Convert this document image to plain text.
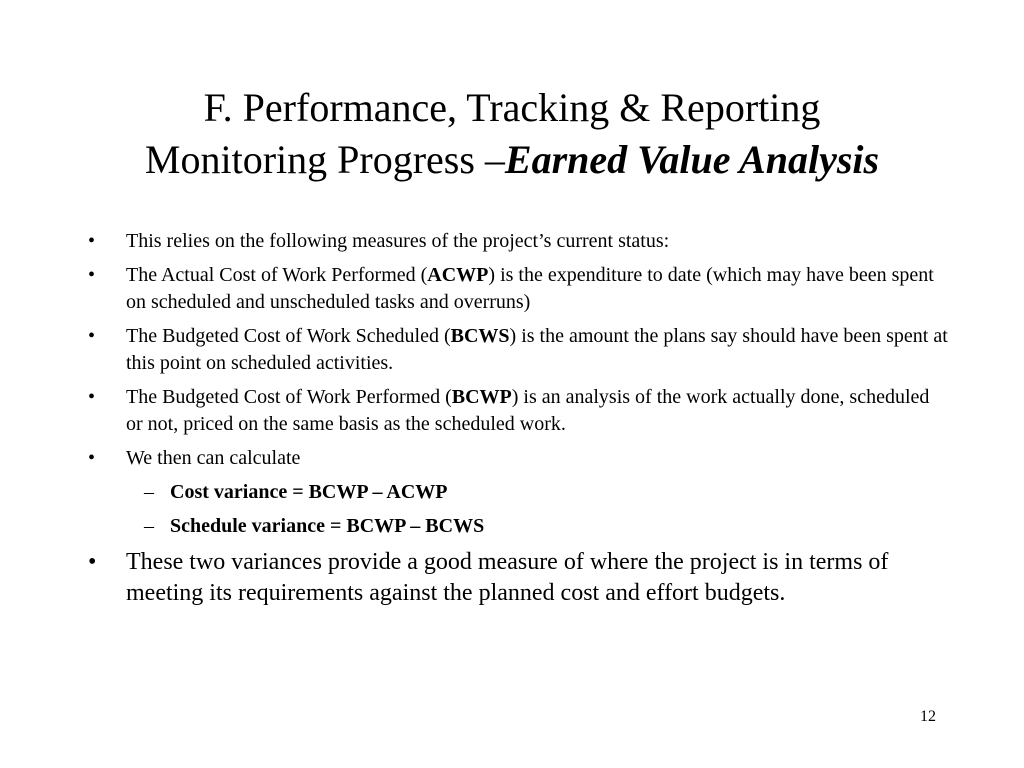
F. Performance, Tracking & Reporting
Monitoring Progress –Earned Value Analysis
• This relies on the following measures of the project’s current status:
• The Actual Cost of Work Performed (ACWP) is the expenditure to date (which may have been spent on scheduled and unscheduled tasks and overruns)
• The Budgeted Cost of Work Scheduled (BCWS) is the amount the plans say should have been spent at this point on scheduled activities.
• The Budgeted Cost of Work Performed (BCWP) is an analysis of the work actually done, scheduled or not, priced on the same basis as the scheduled work.
• We then can calculate
– Cost variance = BCWP – ACWP
– Schedule variance = BCWP – BCWS
• These two variances provide a good measure of where the project is in terms of meeting its requirements against the planned cost and effort budgets.
12
